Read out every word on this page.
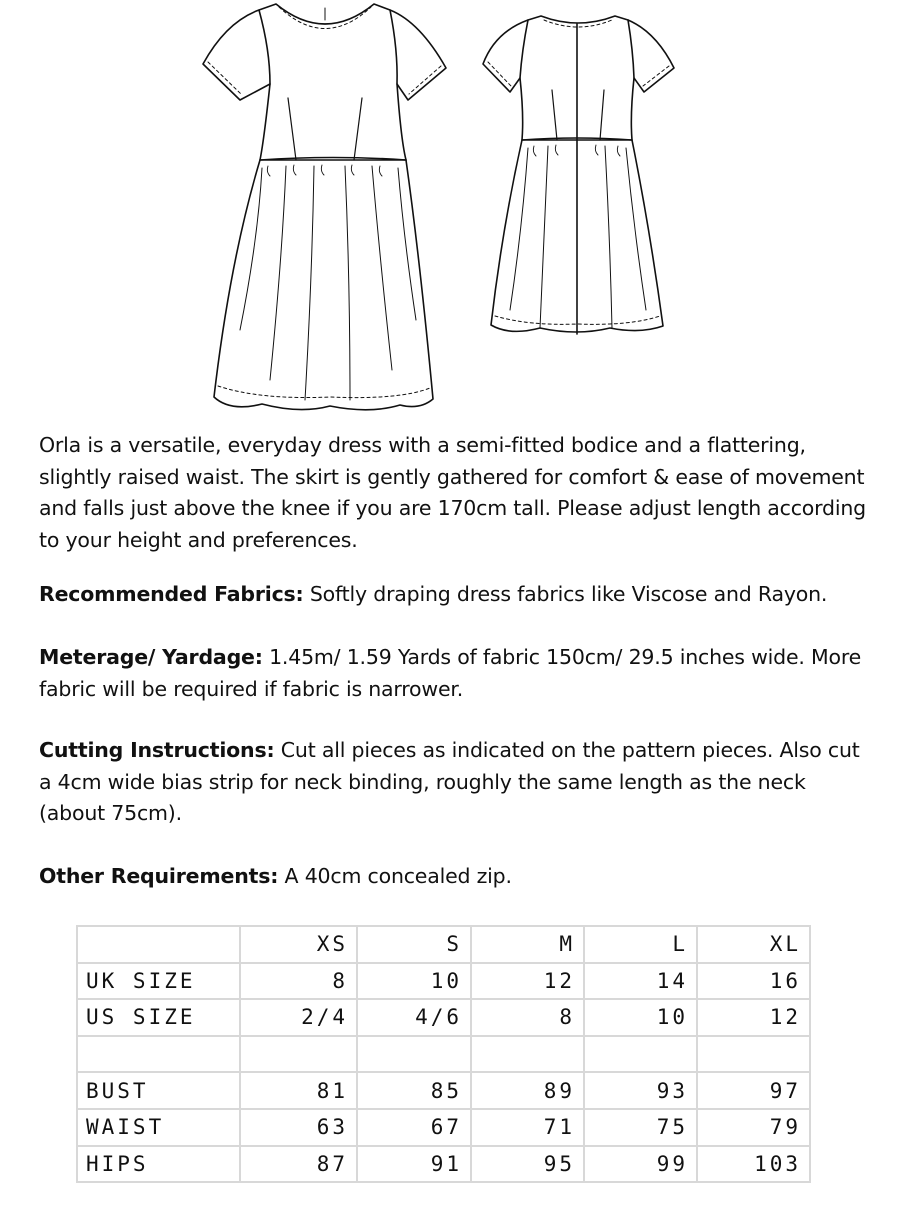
Orla is a versatile, everyday dress with a semi-fitted bodice and a flattering, slightly raised waist. The skirt is gently gathered for comfort & ease of movement and falls just above the knee if you are 170cm tall. Please adjust length according to your height and preferences.

Recommended Fabrics: Softly draping dress fabrics like Viscose and Rayon.

Meterage/ Yardage: 1.45m/ 1.59 Yards of fabric 150cm/ 29.5 inches wide. More fabric will be required if fabric is narrower.

Cutting Instructions: Cut all pieces as indicated on the pattern pieces. Also cut a 4cm wide bias strip for neck binding, roughly the same length as the neck (about 75cm).

Other Requirements: A 40cm concealed zip.

	XS	S	M	L	XL
UK SIZE	8	10	12	14	16
US SIZE	2/4	4/6	8	10	12

BUST	81	85	89	93	97
WAIST	63	67	71	75	79
HIPS	87	91	95	99	103
